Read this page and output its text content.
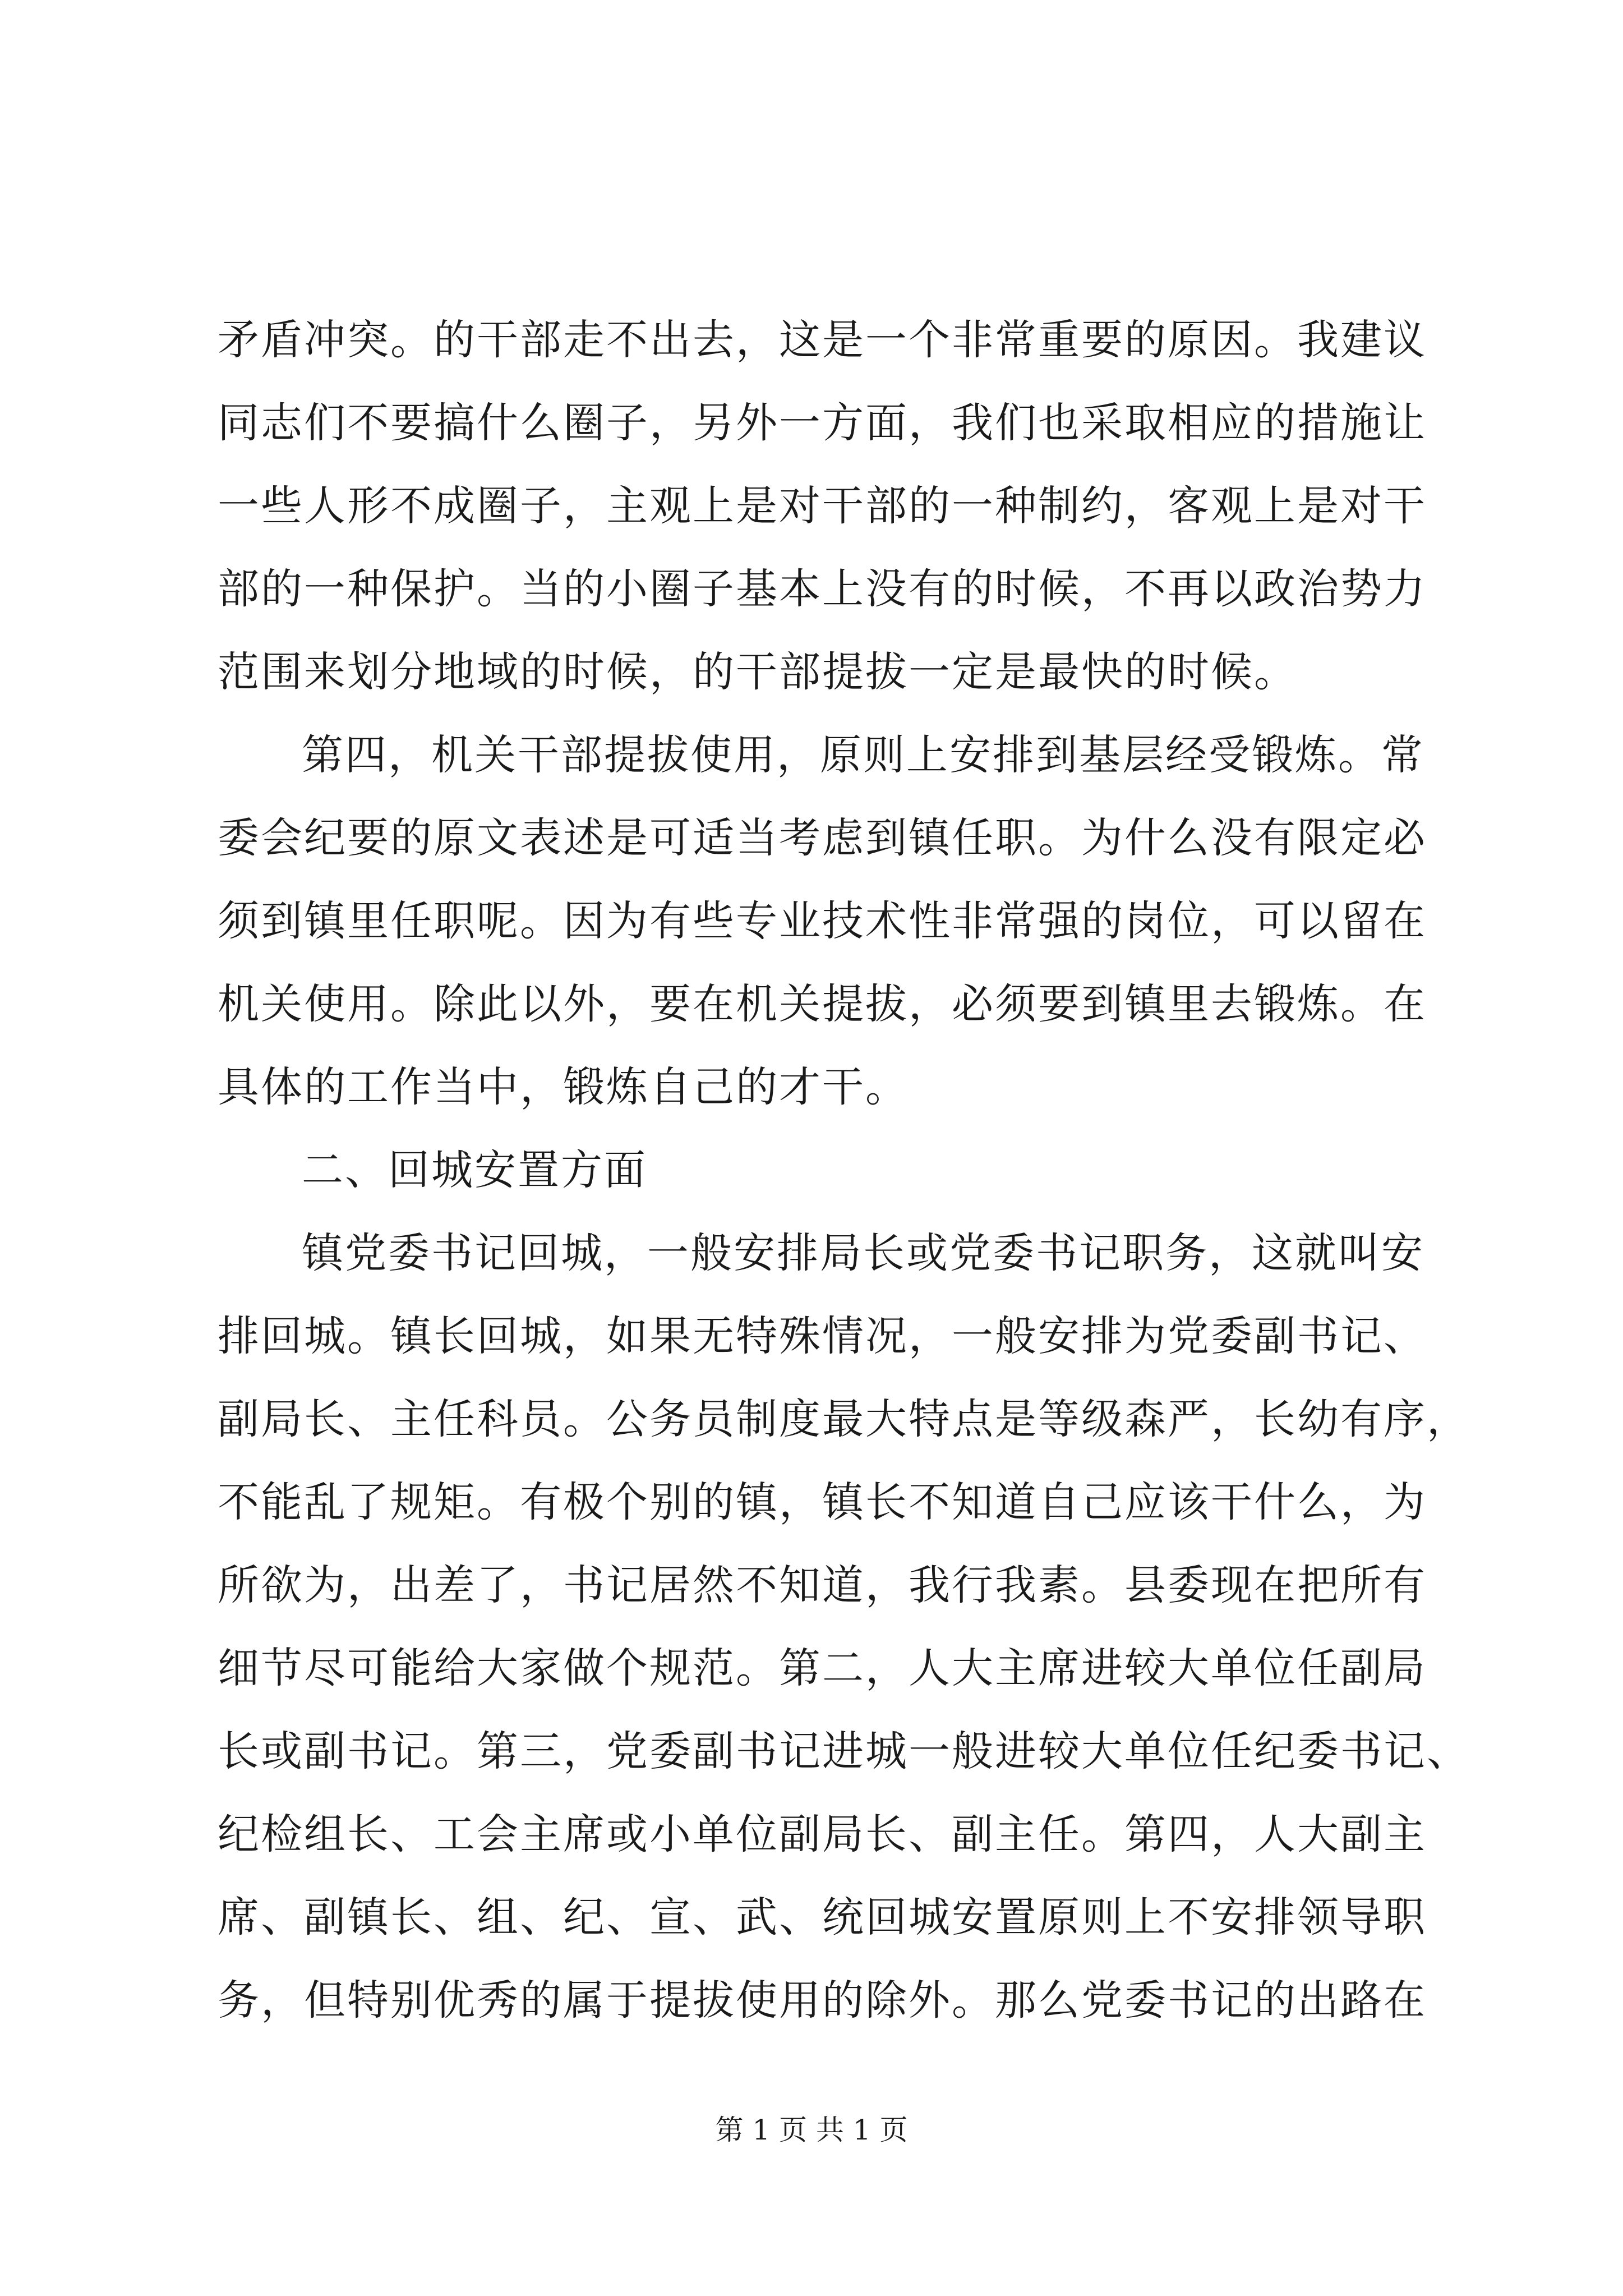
矛盾冲突。的干部走不出去，这是一个非常重要的原因。我建议
同志们不要搞什么圈子，另外一方面，我们也采取相应的措施让
一些人形不成圈子，主观上是对干部的一种制约，客观上是对干
部的一种保护。当的小圈子基本上没有的时候，不再以政治势力
范围来划分地域的时候，的干部提拔一定是最快的时候。
第四，机关干部提拔使用，原则上安排到基层经受锻炼。常
委会纪要的原文表述是可适当考虑到镇任职。为什么没有限定必
须到镇里任职呢。因为有些专业技术性非常强的岗位，可以留在
机关使用。除此以外，要在机关提拔，必须要到镇里去锻炼。在
具体的工作当中，锻炼自己的才干。
二、回城安置方面
镇党委书记回城，一般安排局长或党委书记职务，这就叫安
排回城。镇长回城，如果无特殊情况，一般安排为党委副书记、
副局长、主任科员。公务员制度最大特点是等级森严，长幼有序，
不能乱了规矩。有极个别的镇，镇长不知道自己应该干什么，为
所欲为，出差了，书记居然不知道，我行我素。县委现在把所有
细节尽可能给大家做个规范。第二，人大主席进较大单位任副局
长或副书记。第三，党委副书记进城一般进较大单位任纪委书记、
纪检组长、工会主席或小单位副局长、副主任。第四，人大副主
席、副镇长、组、纪、宣、武、统回城安置原则上不安排领导职
务，但特别优秀的属于提拔使用的除外。那么党委书记的出路在
第 1 页 共 1 页
